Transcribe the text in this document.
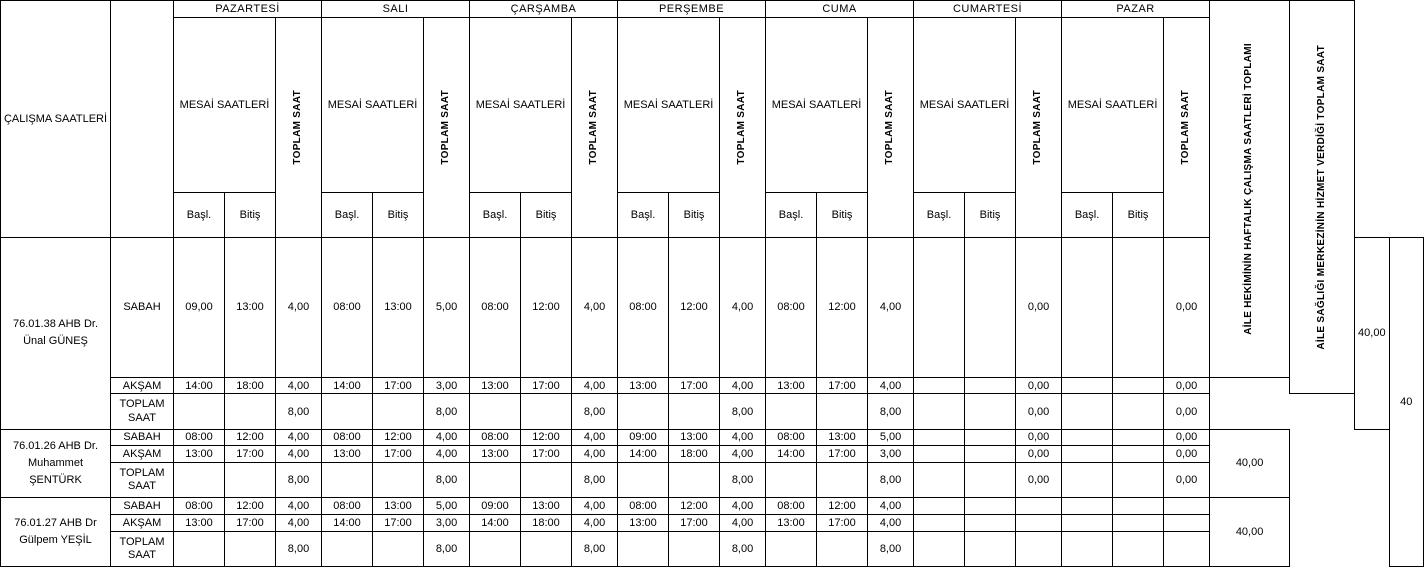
ÇALIŞMA SAATLERİ		PAZARTESİ			SALI			ÇARŞAMBA			PERŞEMBE			CUMA			CUMARTESİ			PAZAR			AİLE HEKİMİNİN HAFTALIK ÇALIŞMA SAATLERİ TOPLAMI	AİLE SAĞLIĞI MERKEZİNİN HİZMET VERDİĞİ TOPLAM SAAT		

		MESAİ SAATLERİ		TOPLAM SAAT	MESAİ SAATLERİ		TOPLAM SAAT	MESAİ SAATLERİ		TOPLAM SAAT	MESAİ SAATLERİ		TOPLAM SAAT	MESAİ SAATLERİ		TOPLAM SAAT	MESAİ SAATLERİ		TOPLAM SAAT	MESAİ SAATLERİ		TOPLAM SAAT				

		Başl.	Bitiş		Başl.	Bitiş		Başl.	Bitiş		Başl.	Bitiş		Başl.	Bitiş		Başl.	Bitiş		Başl.	Bitiş					
76.01.38 AHB Dr. Ünal GÜNEŞ	SABAH	09,00	13:00	4,00	08:00	13:00	5,00	08:00	12:00	4,00	08:00	12:00	4,00	08:00	12:00	4,00			0,00			0,00			40,00	40
	AKŞAM	14:00	18:00	4,00	14:00	17:00	3,00	13:00	17:00	4,00	13:00	17:00	4,00	13:00	17:00	4,00			0,00			0,00				
	TOPLAM SAAT			8,00			8,00			8,00			8,00			8,00			0,00			0,00				
76.01.26 AHB Dr. Muhammet ŞENTÜRK	SABAH	08:00	12:00	4,00	08:00	12:00	4,00	08:00	12:00	4,00	09:00	13:00	4,00	08:00	13:00	5,00			0,00			0,00	40,00			
	AKŞAM	13:00	17:00	4,00	13:00	17:00	4,00	13:00	17:00	4,00	14:00	18:00	4,00	14:00	17:00	3,00			0,00			0,00				
	TOPLAM SAAT			8,00			8,00			8,00			8,00			8,00			0,00			0,00				
76.01.27 AHB Dr Gülpem YEŞİL	SABAH	08:00	12:00	4,00	08:00	13:00	5,00	09:00	13:00	4,00	08:00	12:00	4,00	08:00	12:00	4,00							40,00			
	AKŞAM	13:00	17:00	4,00	14:00	17:00	3,00	14:00	18:00	4,00	13:00	17:00	4,00	13:00	17:00	4,00										
	TOPLAM SAAT			8,00			8,00			8,00			8,00			8,00										
